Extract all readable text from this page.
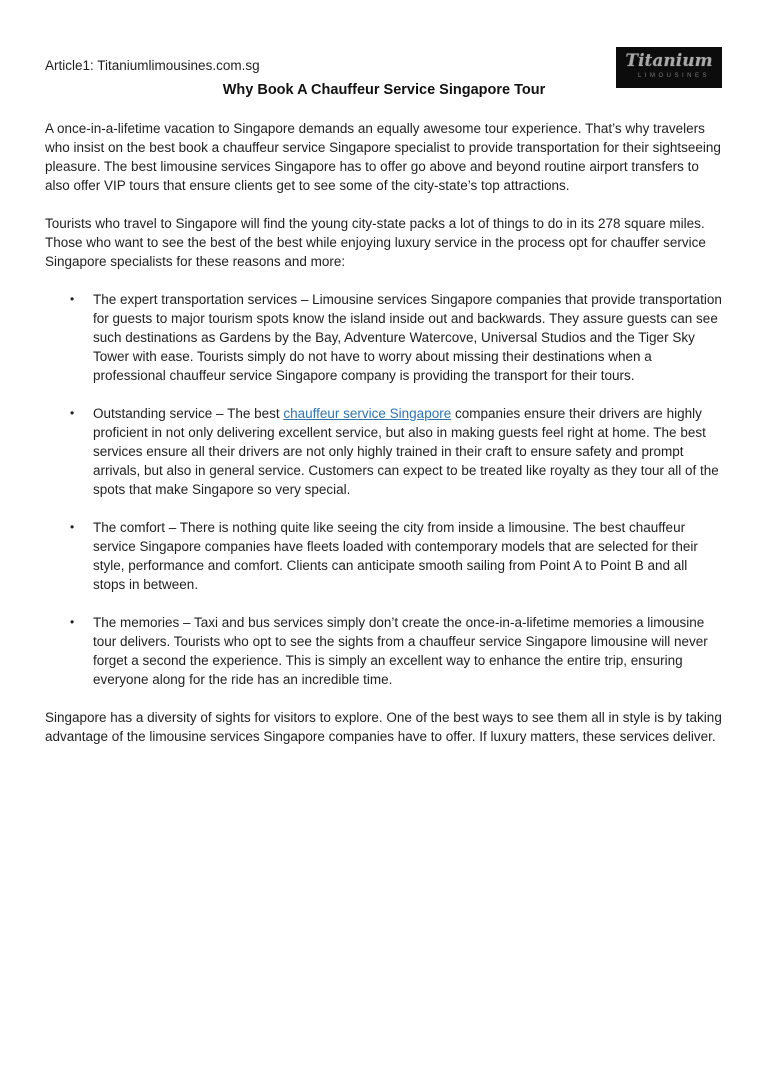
Titanium
LIMOUSINES
Article1: Titaniumlimousines.com.sg
Why Book A Chauffeur Service Singapore Tour

A once-in-a-lifetime vacation to Singapore demands an equally awesome tour experience. That’s why travelers who insist on the best book a chauffeur service Singapore specialist to provide transportation for their sightseeing pleasure. The best limousine services Singapore has to offer go above and beyond routine airport transfers to also offer VIP tours that ensure clients get to see some of the city-state’s top attractions.

Tourists who travel to Singapore will find the young city-state packs a lot of things to do in its 278 square miles. Those who want to see the best of the best while enjoying luxury service in the process opt for chauffer service Singapore specialists for these reasons and more:

• The expert transportation services – Limousine services Singapore companies that provide transportation for guests to major tourism spots know the island inside out and backwards. They assure guests can see such destinations as Gardens by the Bay, Adventure Watercove, Universal Studios and the Tiger Sky Tower with ease. Tourists simply do not have to worry about missing their destinations when a professional chauffeur service Singapore company is providing the transport for their tours.
• Outstanding service – The best chauffeur service Singapore companies ensure their drivers are highly proficient in not only delivering excellent service, but also in making guests feel right at home. The best services ensure all their drivers are not only highly trained in their craft to ensure safety and prompt arrivals, but also in general service. Customers can expect to be treated like royalty as they tour all of the spots that make Singapore so very special.
• The comfort – There is nothing quite like seeing the city from inside a limousine. The best chauffeur service Singapore companies have fleets loaded with contemporary models that are selected for their style, performance and comfort. Clients can anticipate smooth sailing from Point A to Point B and all stops in between.
• The memories – Taxi and bus services simply don’t create the once-in-a-lifetime memories a limousine tour delivers. Tourists who opt to see the sights from a chauffeur service Singapore limousine will never forget a second the experience. This is simply an excellent way to enhance the entire trip, ensuring everyone along for the ride has an incredible time.

Singapore has a diversity of sights for visitors to explore. One of the best ways to see them all in style is by taking advantage of the limousine services Singapore companies have to offer. If luxury matters, these services deliver.
